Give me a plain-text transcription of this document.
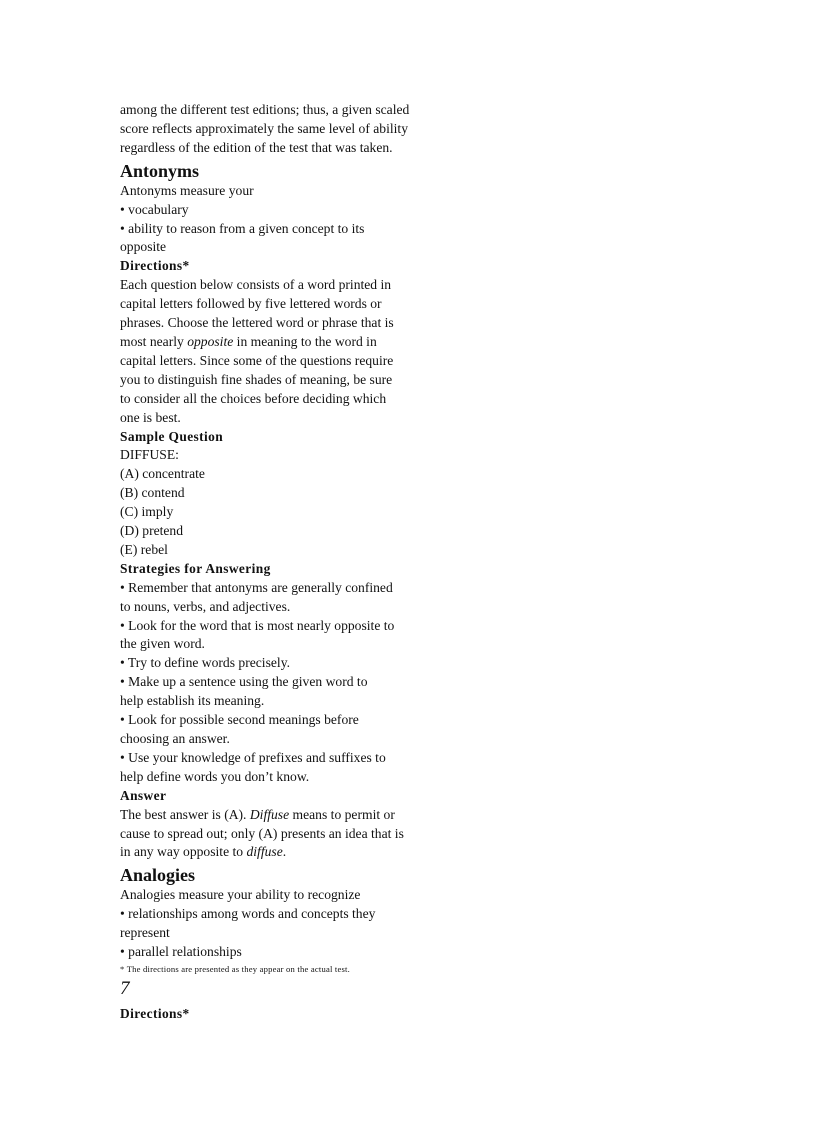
among the different test editions; thus, a given scaled
score reflects approximately the same level of ability
regardless of the edition of the test that was taken.
Antonyms
Antonyms measure your
• vocabulary
• ability to reason from a given concept to its
opposite
Directions*
Each question below consists of a word printed in
capital letters followed by five lettered words or
phrases. Choose the lettered word or phrase that is
most nearly opposite in meaning to the word in
capital letters. Since some of the questions require
you to distinguish fine shades of meaning, be sure
to consider all the choices before deciding which
one is best.
Sample Question
DIFFUSE:
(A) concentrate
(B) contend
(C) imply
(D) pretend
(E) rebel
Strategies for Answering
• Remember that antonyms are generally confined
to nouns, verbs, and adjectives.
• Look for the word that is most nearly opposite to
the given word.
• Try to define words precisely.
• Make up a sentence using the given word to
help establish its meaning.
• Look for possible second meanings before
choosing an answer.
• Use your knowledge of prefixes and suffixes to
help define words you don’t know.
Answer
The best answer is (A). Diffuse means to permit or
cause to spread out; only (A) presents an idea that is
in any way opposite to diffuse.
Analogies
Analogies measure your ability to recognize
• relationships among words and concepts they
represent
• parallel relationships
* The directions are presented as they appear on the actual test.
7
Directions*
